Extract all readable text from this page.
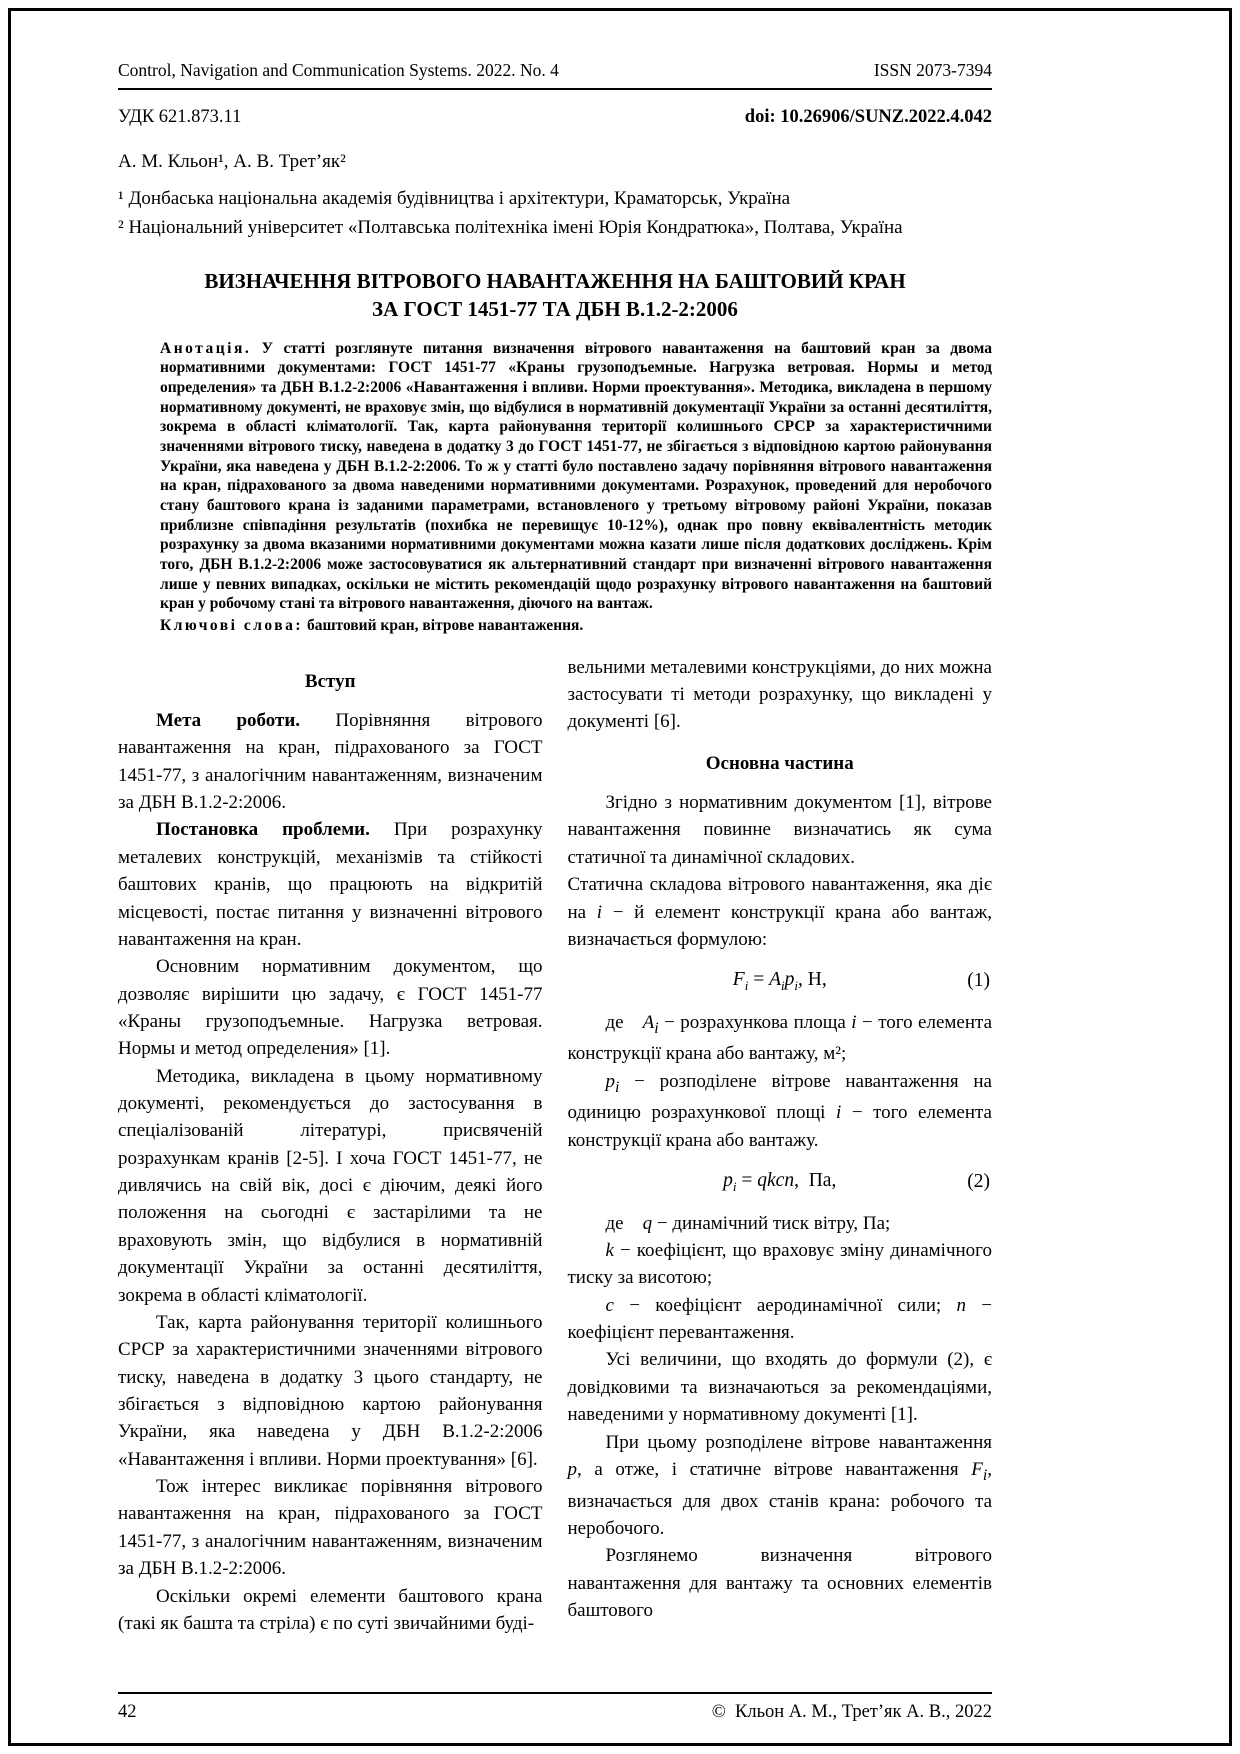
Control, Navigation and Communication Systems. 2022. No. 4	ISSN 2073-7394
УДК 621.873.11	doi: 10.26906/SUNZ.2022.4.042
А. М. Кльон¹, А. В. Трет’як²
¹ Донбаська національна академія будівництва і архітектури, Краматорськ, Україна
² Національний університет «Полтавська політехніка імені Юрія Кондратюка», Полтава, Україна
ВИЗНАЧЕННЯ ВІТРОВОГО НАВАНТАЖЕННЯ НА БАШТОВИЙ КРАН
ЗА ГОСТ 1451-77 ТА ДБН В.1.2-2:2006

Анотація. У статті розглянуте питання визначення вітрового навантаження на баштовий кран за двома нормативними документами: ГОСТ 1451-77 «Краны грузоподъемные. Нагрузка ветровая. Нормы и метод определения» та ДБН В.1.2-2:2006 «Навантаження і впливи. Норми проектування». Методика, викладена в першому нормативному документі, не враховує змін, що відбулися в нормативній документації України за останні десятиліття, зокрема в області кліматології. Так, карта районування території колишнього СРСР за характеристичними значеннями вітрового тиску, наведена в додатку 3 до ГОСТ 1451-77, не збігається з відповідною картою районування України, яка наведена у ДБН В.1.2-2:2006. То ж у статті було поставлено задачу порівняння вітрового навантаження на кран, підрахованого за двома наведеними нормативними документами. Розрахунок, проведений для неробочого стану баштового крана із заданими параметрами, встановленого у третьому вітровому районі України, показав приблизне співпадіння результатів (похибка не перевищує 10-12%), однак про повну еквівалентність методик розрахунку за двома вказаними нормативними документами можна казати лише після додаткових досліджень. Крім того, ДБН В.1.2-2:2006 може застосовуватися як альтернативний стандарт при визначенні вітрового навантаження лише у певних випадках, оскільки не містить рекомендацій щодо розрахунку вітрового навантаження на баштовий кран у робочому стані та вітрового навантаження, діючого на вантаж.

Ключові слова: баштовий кран, вітрове навантаження.

Вступ

Мета роботи. Порівняння вітрового навантаження на кран, підрахованого за ГОСТ 1451-77, з аналогічним навантаженням, визначеним за ДБН В.1.2-2:2006.

Постановка проблеми. При розрахунку металевих конструкцій, механізмів та стійкості баштових кранів, що працюють на відкритій місцевості, постає питання у визначенні вітрового навантаження на кран.

Основним нормативним документом, що дозволяє вирішити цю задачу, є ГОСТ 1451-77 «Краны грузоподъемные. Нагрузка ветровая. Нормы и метод определения» [1].

Методика, викладена в цьому нормативному документі, рекомендується до застосування в спеціалізованій літературі, присвяченій розрахункам кранів [2-5]. І хоча ГОСТ 1451-77, не дивлячись на свій вік, досі є діючим, деякі його положення на сьогодні є застарілими та не враховують змін, що відбулися в нормативній документації України за останні десятиліття, зокрема в області кліматології.

Так, карта районування території колишнього СРСР за характеристичними значеннями вітрового тиску, наведена в додатку 3 цього стандарту, не збігається з відповідною картою районування України, яка наведена у ДБН В.1.2-2:2006 «Навантаження і впливи. Норми проектування» [6].

Тож інтерес викликає порівняння вітрового навантаження на кран, підрахованого за ГОСТ 1451-77, з аналогічним навантаженням, визначеним за ДБН В.1.2-2:2006.

Оскільки окремі елементи баштового крана (такі як башта та стріла) є по суті звичайними буді-

вельними металевими конструкціями, до них можна застосувати ті методи розрахунку, що викладені у документі [6].

Основна частина

Згідно з нормативним документом [1], вітрове навантаження повинне визначатись як сума статичної та динамічної складових.

Статична складова вітрового навантаження, яка діє на i − й елемент конструкції крана або вантаж, визначається формулою:

$F_i = A_ip_i$, Н,	(1)

де  $A_i$ − розрахункова площа i − того елемента конструкції крана або вантажу, м²;

$p_i$ − розподілене вітрове навантаження на одиницю розрахункової площі i − того елемента конструкції крана або вантажу.

$p_i$ = qkcn, Па,	(2)

де  q − динамічний тиск вітру, Па;

k − коефіцієнт, що враховує зміну динамічного тиску за висотою;

c − коефіцієнт аеродинамічної сили; n − коефіцієнт перевантаження.

Усі величини, що входять до формули (2), є довідковими та визначаються за рекомендаціями, наведеними у нормативному документі [1].

При цьому розподілене вітрове навантаження p, а отже, і статичне вітрове навантаження $F_i$, визначається для двох станів крана: робочого та неробочого.

Розглянемо визначення вітрового навантаження для вантажу та основних елементів баштового

42	© Кльон А. М., Трет’як А. В., 2022
